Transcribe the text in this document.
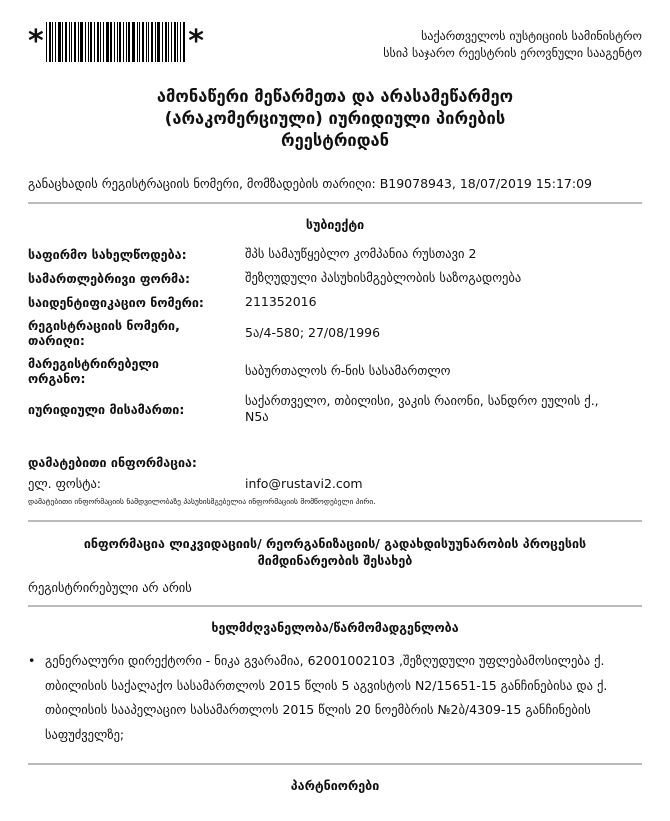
*	*	საქართველოს იუსტიციის სამინისტრო
სსიპ საჯარო რეესტრის ეროვნული სააგენტო
ამონაწერი მეწარმეთა და არასამეწარმეო
(არაკომერციული) იურიდიული პირების
რეესტრიდან
განაცხადის რეგისტრაციის ნომერი, მომზადების თარიღი: B19078943, 18/07/2019 15:17:09
სუბიექტი
საფირმო სახელწოდება:	შპს სამაუწყებლო კომპანია რუსთავი 2
სამართლებრივი ფორმა:	შეზღუდული პასუხისმგებლობის საზოგადოება
საიდენტიფიკაციო ნომერი:	211352016
რეგისტრაციის ნომერი, თარიღი:
5ა/4-580; 27/08/1996
მარეგისტრირებელი ორგანო:
საბურთალოს რ-ნის სასამართლო
იურიდიული მისამართი:
საქართველო, თბილისი, ვაკის რაიონი, სანდრო ეულის ქ., N5ა
დამატებითი ინფორმაცია:
ელ. ფოსტა:	info@rustavi2.com
დამატებითი ინფორმაციის ნამდვილობაზე პასუხისმგებელია ინფორმაციის მომწოდებელი პირი.
ინფორმაცია ლიკვიდაციის/ რეორგანიზაციის/ გადახდისუუნარობის პროცესის
მიმდინარეობის შესახებ
რეგისტრირებული არ არის
ხელმძღვანელობა/წარმომადგენლობა
• გენერალური დირექტორი - ნიკა გვარამია, 62001002103 ,შეზღუდული უფლებამოსილება ქ. თბილისის საქალაქო სასამართლოს 2015 წლის 5 აგვისტოს N2/15651-15 განჩინებისა და ქ. თბილისის სააპელაციო სასამართლოს 2015 წლის 20 ნოემბრის №2ბ/4309-15 განჩინების საფუძველზე;
პარტნიორები
